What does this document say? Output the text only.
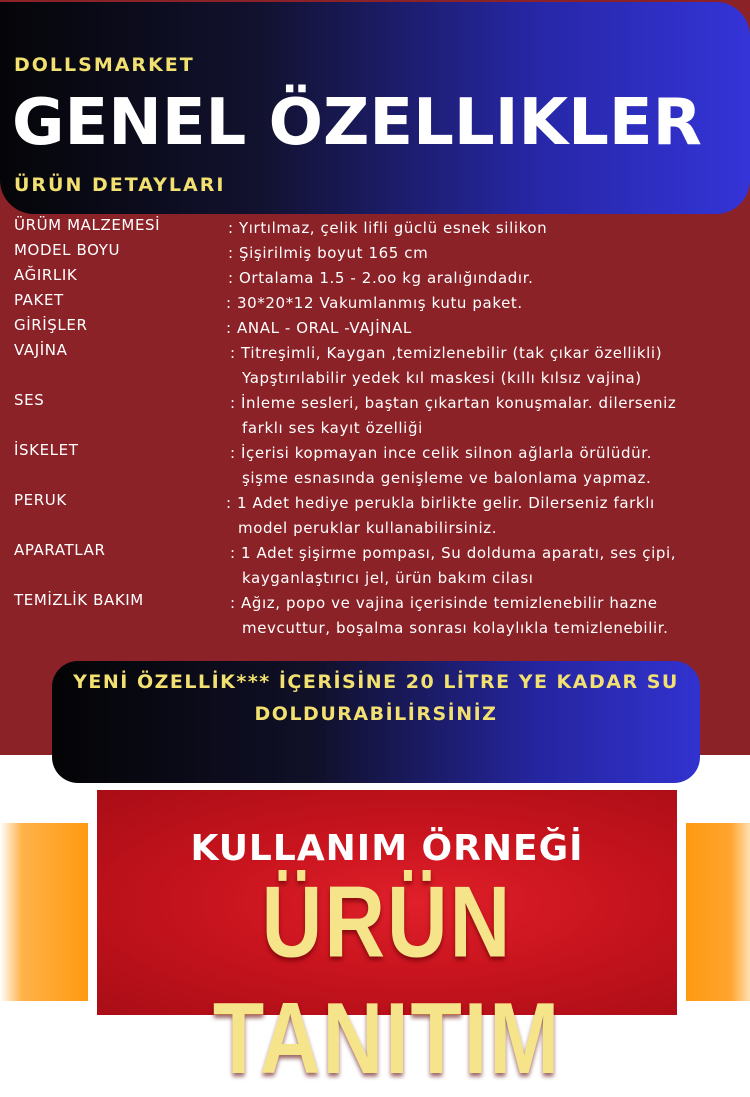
DOLLSMARKET
GENEL ÖZELLIKLER
ÜRÜN DETAYLARI
ÜRÜM MALZEMESİ	: Yırtılmaz, çelik lifli güclü esnek silikon
MODEL BOYU	: Şişirilmiş boyut 165 cm
AĞIRLIK	: Ortalama 1.5 - 2.oo kg aralığındadır.
PAKET	: 30*20*12 Vakumlanmış kutu paket.
GİRİŞLER	: ANAL - ORAL -VAJİNAL
VAJİNA	: Titreşimli, Kaygan ,temizlenebilir (tak çıkar özellikli)
Yapştırılabilir yedek kıl maskesi (kıllı kılsız vajina)
SES	: İnleme sesleri, baştan çıkartan konuşmalar. dilerseniz
farklı ses kayıt özelliği
İSKELET	: İçerisi kopmayan ince celik silnon ağlarla örülüdür.
şişme esnasında genişleme ve balonlama yapmaz.
PERUK	: 1 Adet hediye perukla birlikte gelir. Dilerseniz farklı
model peruklar kullanabilirsiniz.
APARATLAR	: 1 Adet şişirme pompası, Su dolduma aparatı, ses çipi,
kayganlaştırıcı jel, ürün bakım cilası
TEMİZLİK BAKIM	: Ağız, popo ve vajina içerisinde temizlenebilir hazne
mevcuttur, boşalma sonrası kolaylıkla temizlenebilir.
YENİ ÖZELLİK*** İÇERİSİNE 20 LİTRE YE KADAR SU
DOLDURABİLİRSİNİZ
KULLANIM ÖRNEĞİ
ÜRÜN TANITIM
